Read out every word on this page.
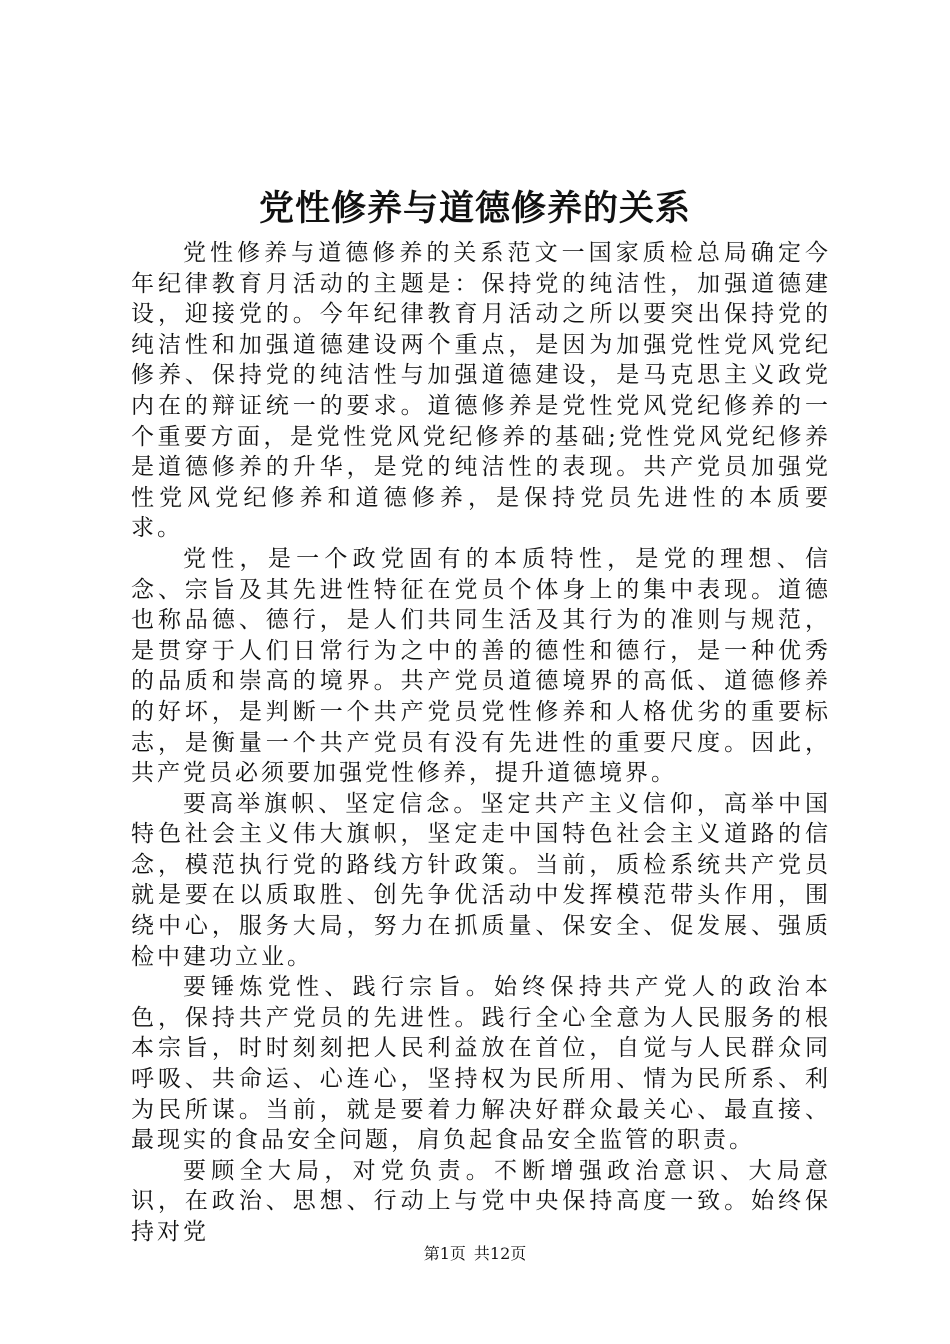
党性修养与道德修养的关系

党性修养与道德修养的关系范文一国家质检总局确定今年纪律教育月活动的主题是：保持党的纯洁性，加强道德建设，迎接党的。今年纪律教育月活动之所以要突出保持党的纯洁性和加强道德建设两个重点，是因为加强党性党风党纪修养、保持党的纯洁性与加强道德建设，是马克思主义政党内在的辩证统一的要求。道德修养是党性党风党纪修养的一个重要方面，是党性党风党纪修养的基础;党性党风党纪修养是道德修养的升华，是党的纯洁性的表现。共产党员加强党性党风党纪修养和道德修养，是保持党员先进性的本质要求。

党性，是一个政党固有的本质特性，是党的理想、信念、宗旨及其先进性特征在党员个体身上的集中表现。道德也称品德、德行，是人们共同生活及其行为的准则与规范，是贯穿于人们日常行为之中的善的德性和德行，是一种优秀的品质和崇高的境界。共产党员道德境界的高低、道德修养的好坏，是判断一个共产党员党性修养和人格优劣的重要标志，是衡量一个共产党员有没有先进性的重要尺度。因此，共产党员必须要加强党性修养，提升道德境界。

要高举旗帜、坚定信念。坚定共产主义信仰，高举中国特色社会主义伟大旗帜，坚定走中国特色社会主义道路的信念，模范执行党的路线方针政策。当前，质检系统共产党员就是要在以质取胜、创先争优活动中发挥模范带头作用，围绕中心，服务大局，努力在抓质量、保安全、促发展、强质检中建功立业。

要锤炼党性、践行宗旨。始终保持共产党人的政治本色，保持共产党员的先进性。践行全心全意为人民服务的根本宗旨，时时刻刻把人民利益放在首位，自觉与人民群众同呼吸、共命运、心连心，坚持权为民所用、情为民所系、利为民所谋。当前，就是要着力解决好群众最关心、最直接、最现实的食品安全问题，肩负起食品安全监管的职责。

要顾全大局，对党负责。不断增强政治意识、大局意识，在政治、思想、行动上与党中央保持高度一致。始终保持对党

第1页 共12页
